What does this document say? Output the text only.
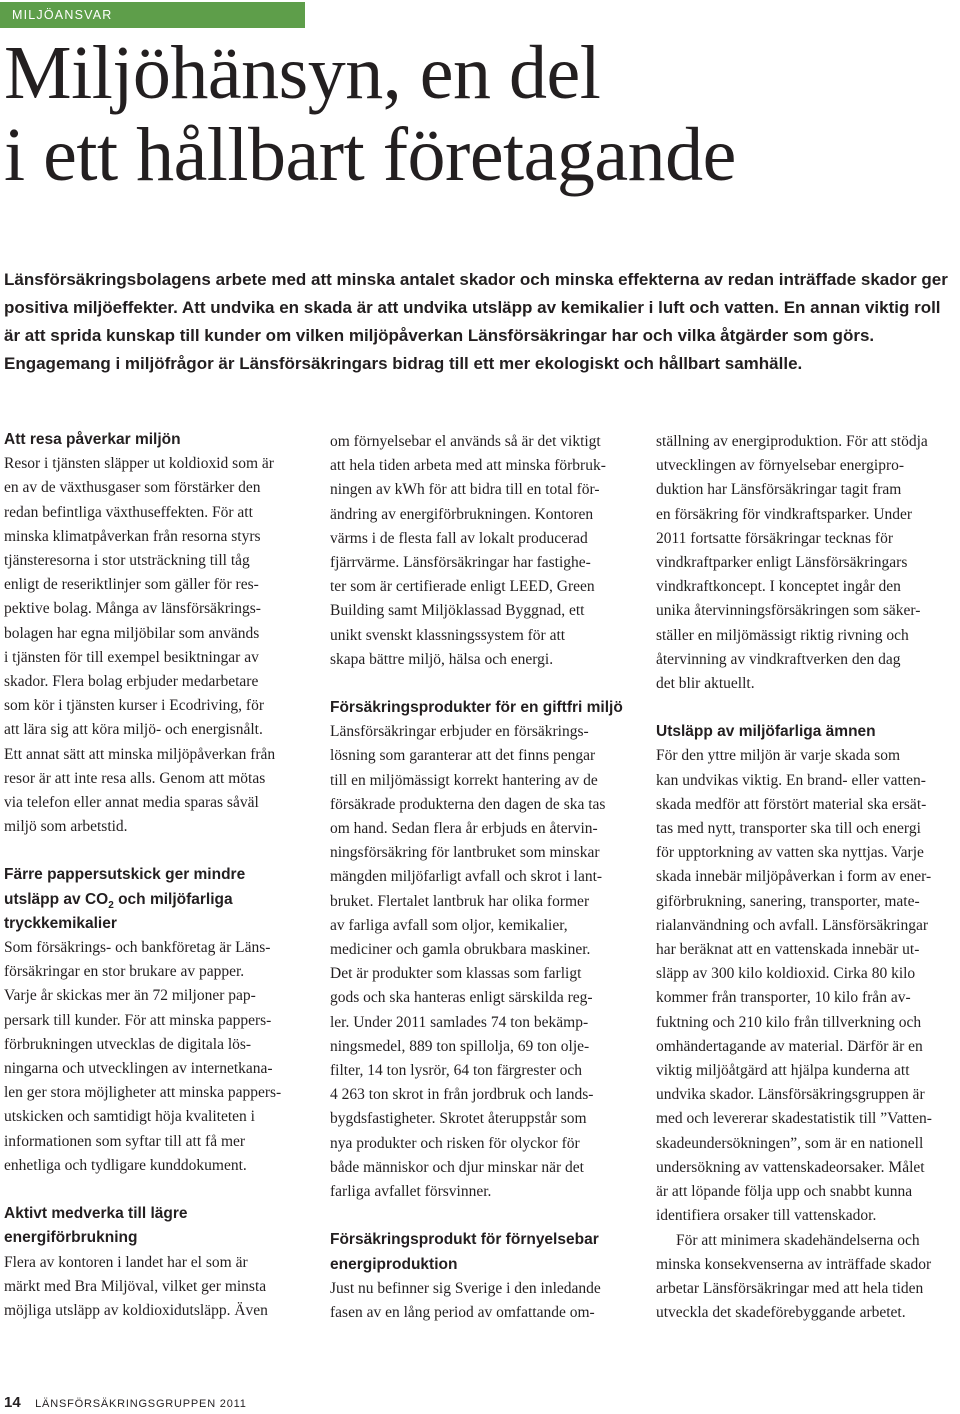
MILJÖANSVAR
Miljöhänsyn, en del
i ett hållbart företagande

Länsförsäkringsbolagens arbete med att minska antalet skador och minska effekterna av redan inträffade skador ger positiva miljöeffekter. Att undvika en skada är att undvika utsläpp av kemikalier i luft och vatten. En annan viktig roll är att sprida kunskap till kunder om vilken miljöpåverkan Länsförsäkringar har och vilka åtgärder som görs. Engagemang i miljöfrågor är Länsförsäkringars bidrag till ett mer ekologiskt och hållbart samhälle.

Att resa påverkar miljön

Resor i tjänsten släpper ut koldioxid som är

en av de växthusgaser som förstärker den

redan befintliga växthuseffekten. För att

minska klimatpåverkan från resorna styrs

tjänsteresorna i stor utsträckning till tåg

enligt de reseriktlinjer som gäller för res-

pektive bolag. Många av länsförsäkrings-

bolagen har egna miljöbilar som används

i tjänsten för till exempel besiktningar av

skador. Flera bolag erbjuder medarbetare

som kör i tjänsten kurser i Ecodriving, för

att lära sig att köra miljö- och energisnålt.

Ett annat sätt att minska miljöpåverkan från

resor är att inte resa alls. Genom att mötas

via telefon eller annat media sparas såväl

miljö som arbetstid.

Färre pappersutskick ger mindre
utsläpp av $CO_2$ och miljöfarliga
tryckkemikalier

Som försäkrings- och bankföretag är Läns-

försäkringar en stor brukare av papper.

Varje år skickas mer än 72 miljoner pap-

persark till kunder. För att minska pappers-

förbrukningen utvecklas de digitala lös-

ningarna och utvecklingen av internetkana-

len ger stora möjligheter att minska pappers-

utskicken och samtidigt höja kvaliteten i

informationen som syftar till att få mer

enhetliga och tydligare kunddokument.

Aktivt medverka till lägre
energiförbrukning

Flera av kontoren i landet har el som är

märkt med Bra Miljöval, vilket ger minsta

möjliga utsläpp av koldioxidutsläpp. Även

om förnyelsebar el används så är det viktigt

att hela tiden arbeta med att minska förbruk-

ningen av kWh för att bidra till en total för-

ändring av energiförbrukningen. Kontoren

värms i de flesta fall av lokalt producerad

fjärrvärme. Länsförsäkringar har fastighe-

ter som är certifierade enligt LEED, Green

Building samt Miljöklassad Byggnad, ett

unikt svenskt klassningssystem för att

skapa bättre miljö, hälsa och energi.

Försäkringsprodukter för en giftfri miljö

Länsförsäkringar erbjuder en försäkrings-

lösning som garanterar att det finns pengar

till en miljömässigt korrekt hantering av de

försäkrade produkterna den dagen de ska tas

om hand. Sedan flera år erbjuds en återvin-

ningsförsäkring för lantbruket som minskar

mängden miljöfarligt avfall och skrot i lant-

bruket. Flertalet lantbruk har olika former

av farliga avfall som oljor, kemikalier,

mediciner och gamla obrukbara maskiner.

Det är produkter som klassas som farligt

gods och ska hanteras enligt särskilda reg-

ler. Under 2011 samlades 74 ton bekämp-

ningsmedel, 889 ton spillolja, 69 ton olje-

filter, 14 ton lysrör, 64 ton färgrester och

4 263 ton skrot in från jordbruk och lands-

bygdsfastigheter. Skrotet återuppstår som

nya produkter och risken för olyckor för

både människor och djur minskar när det

farliga avfallet försvinner.

Försäkringsprodukt för förnyelsebar
energiproduktion

Just nu befinner sig Sverige i den inledande

fasen av en lång period av omfattande om-

ställning av energiproduktion. För att stödja

utvecklingen av förnyelsebar energipro-

duktion har Länsförsäkringar tagit fram

en försäkring för vindkraftsparker. Under

2011 fortsatte försäkringar tecknas för

vindkraftparker enligt Länsförsäkringars

vindkraftkoncept. I konceptet ingår den

unika återvinningsförsäkringen som säker-

ställer en miljömässigt riktig rivning och

återvinning av vindkraftverken den dag

det blir aktuellt.

Utsläpp av miljöfarliga ämnen

För den yttre miljön är varje skada som

kan undvikas viktig. En brand- eller vatten-

skada medför att förstört material ska ersät-

tas med nytt, transporter ska till och energi

för upptorkning av vatten ska nyttjas. Varje

skada innebär miljöpåverkan i form av ener-

giförbrukning, sanering, transporter, mate-

rialanvändning och avfall. Länsförsäkringar

har beräknat att en vattenskada innebär ut-

släpp av 300 kilo koldioxid. Cirka 80 kilo

kommer från transporter, 10 kilo från av-

fuktning och 210 kilo från tillverkning och

omhändertagande av material. Därför är en

viktig miljöåtgärd att hjälpa kunderna att

undvika skador. Länsförsäkringsgruppen är

med och levererar skadestatistik till ”Vatten-

skadeundersökningen”, som är en nationell

undersökning av vattenskadeorsaker. Målet

är att löpande följa upp och snabbt kunna

identifiera orsaker till vattenskador.

För att minimera skadehändelserna och

minska konsekvenserna av inträffade skador

arbetar Länsförsäkringar med att hela tiden

utveckla det skadeförebyggande arbetet.

14 LÄNSFÖRSÄKRINGSGRUPPEN 2011
